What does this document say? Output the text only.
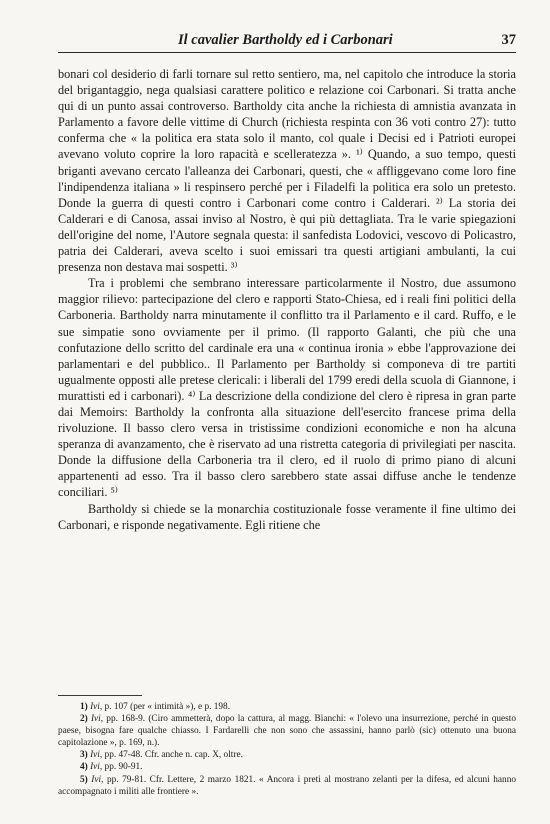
Il cavalier Bartholdy ed i Carbonari	37

bonari col desiderio di farli tornare sul retto sentiero, ma, nel capitolo che introduce la storia del brigantaggio, nega qualsiasi carattere politico e relazione coi Carbonari. Si tratta anche qui di un punto assai controverso. Bartholdy cita anche la richiesta di amnistia avanzata in Parlamento a favore delle vittime di Church (richiesta respinta con 36 voti contro 27): tutto conferma che « la politica era stata solo il manto, col quale i Decisi ed i Patrioti europei avevano voluto coprire la loro rapacità e scelleratezza ». ¹⁾ Quando, a suo tempo, questi briganti avevano cercato l'alleanza dei Carbonari, questi, che « affliggevano come loro fine l'indipendenza italiana » li respinsero perché per i Filadelfi la politica era solo un pretesto. Donde la guerra di questi contro i Carbonari come contro i Calderari. ²⁾ La storia dei Calderari e di Canosa, assai inviso al Nostro, è qui più dettagliata. Tra le varie spiegazioni dell'origine del nome, l'Autore segnala questa: il sanfedista Lodovici, vescovo di Policastro, patria dei Calderari, aveva scelto i suoi emissari tra questi artigiani ambulanti, la cui presenza non destava mai sospetti. ³⁾

Tra i problemi che sembrano interessare particolarmente il Nostro, due assumono maggior rilievo: partecipazione del clero e rapporti Stato-Chiesa, ed i reali fini politici della Carboneria. Bartholdy narra minutamente il conflitto tra il Parlamento e il card. Ruffo, e le sue simpatie sono ovviamente per il primo. (Il rapporto Galanti, che più che una confutazione dello scritto del cardinale era una « continua ironia » ebbe l'approvazione dei parlamentari e del pubblico.. Il Parlamento per Bartholdy si componeva di tre partiti ugualmente opposti alle pretese clericali: i liberali del 1799 eredi della scuola di Giannone, i murattisti ed i carbonari). ⁴⁾ La descrizione della condizione del clero è ripresa in gran parte dai Memoirs: Bartholdy la confronta alla situazione dell'esercito francese prima della rivoluzione. Il basso clero versa in tristissime condizioni economiche e non ha alcuna speranza di avanzamento, che è riservato ad una ristretta categoria di privilegiati per nascita. Donde la diffusione della Carboneria tra il clero, ed il ruolo di primo piano di alcuni appartenenti ad esso. Tra il basso clero sarebbero state assai diffuse anche le tendenze conciliari. ⁵⁾

Bartholdy si chiede se la monarchia costituzionale fosse veramente il fine ultimo dei Carbonari, e risponde negativamente. Egli ritiene che

1) Ivi, p. 107 (per « intimità »), e p. 198.

2) Ivi, pp. 168-9. (Ciro ammetterà, dopo la cattura, al magg. Bianchi: « l'olevo una insurrezione, perché in questo paese, bisogna fare qualche chiasso. I Fardarelli che non sono che assassini, hanno parlò (sic) ottenuto una buona capitolazione », p. 169, n.).

3) Ivi, pp. 47-48. Cfr. anche n. cap. X, oltre.

4) Ivi, pp. 90-91.

5) Ivi, pp. 79-81. Cfr. Lettere, 2 marzo 1821. « Ancora i preti al mostrano zelanti per la difesa, ed alcuni hanno accompagnato i militi alle frontiere ».
